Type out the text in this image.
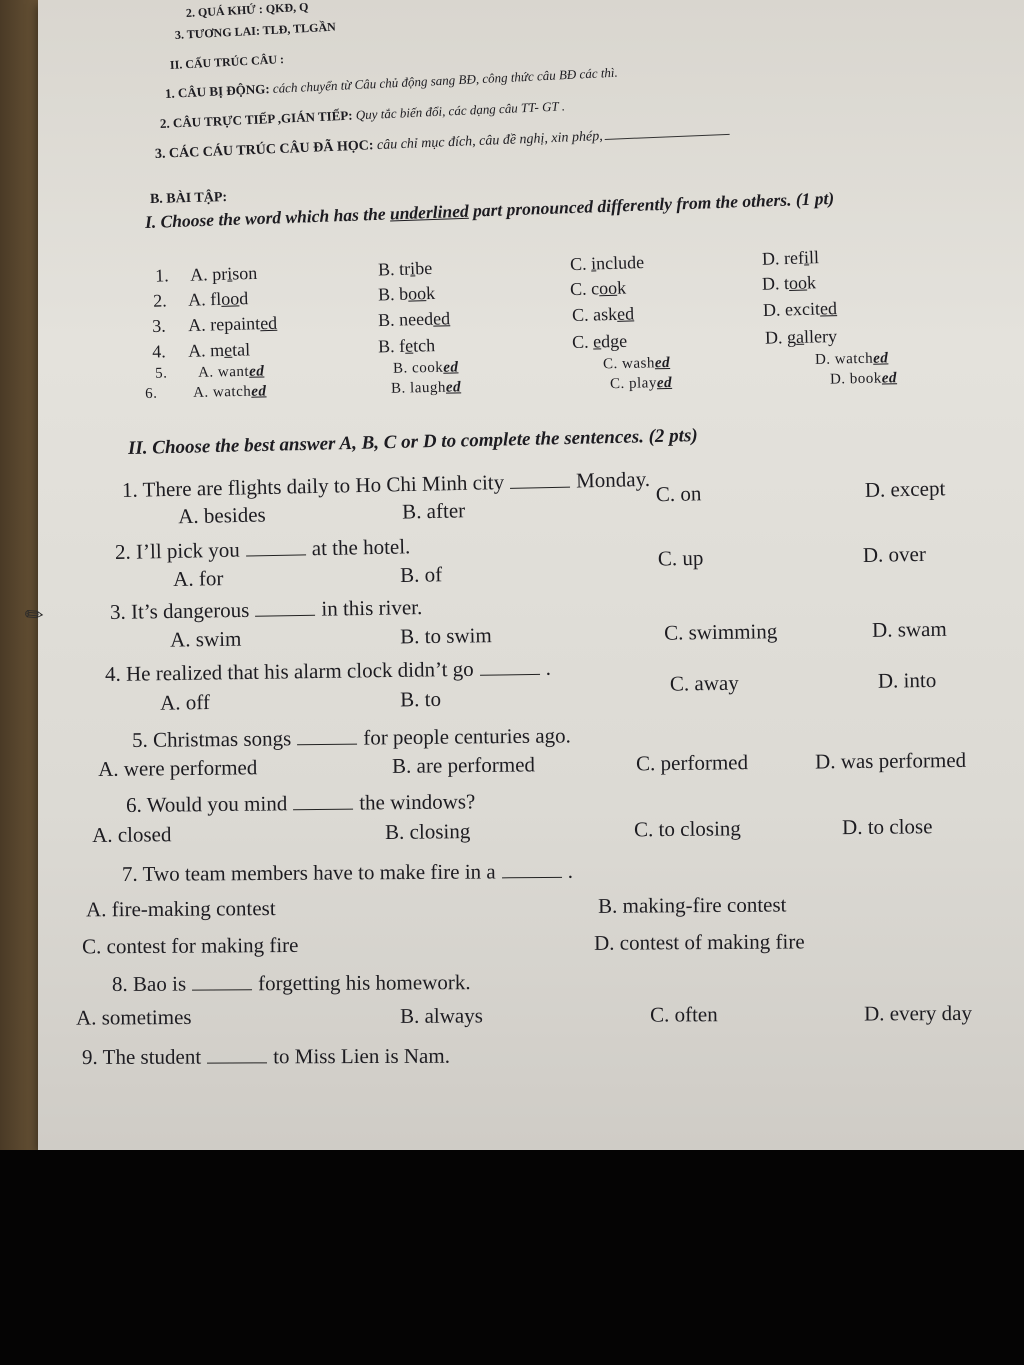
✎
2. QUÁ KHỨ : QKĐ, Q
3. TƯƠNG LAI: TLĐ, TLGẦN
II. CẤU TRÚC CÂU :
1. CÂU BỊ ĐỘNG: cách chuyển từ Câu chủ động sang BĐ, công thức câu BĐ các thì.
2. CÂU TRỰC TIẾP ,GIÁN TIẾP: Quy tắc biến đổi, các dạng câu TT- GT .
3. CÁC CÁU TRÚC CÂU ĐÃ HỌC: câu chỉ mục đích, câu đề nghị, xin phép,
B. BÀI TẬP:
I. Choose the word which has the underlined part pronounced differently from the others. (1 pt)
1. A. prison	B. tribe	C. include	D. refill
2. A. flood	B. book	C. cook	D. took
3. A. repainted	B. needed	C. asked	D. excited
4. A. metal	B. fetch	C. edge	D. gallery
5. A. wanted	B. cooked	C. washed	D. watched
6. A. watched	B. laughed	C. played	D. booked
II. Choose the best answer A, B, C or D to complete the sentences. (2 pts)
1. There are flights daily to Ho Chi Minh city	Monday.
A. besides	B. after
C. on	D. except
2. I’ll pick you	at the hotel.
A. for	B. of
C. up	D. over
3. It’s dangerous	in this river.
A. swim	B. to swim	C. swimming	D. swam
4. He realized that his alarm clock didn’t go	.
A. off	B. to
C. away	D. into
5. Christmas songs	for people centuries ago.
A. were performed	B. are performed	C. performed	D. was performed
6. Would you mind	the windows?
A. closed	B. closing	C. to closing	D. to close
7. Two team members have to make fire in a	.
A. fire-making contest	B. making-fire contest
C. contest for making fire	D. contest of making fire
8. Bao is	forgetting his homework.
A. sometimes	B. always	C. often	D. every day
9. The student	to Miss Lien is Nam.
